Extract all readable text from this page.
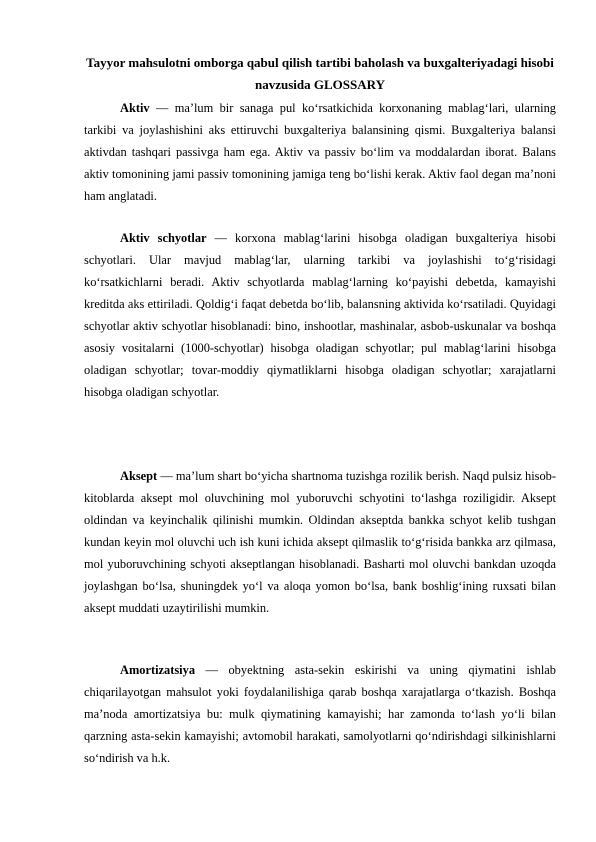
Tayyor mahsulotni omborga qabul qilish tartibi baholash va buxgalteriyadagi hisobi navzusida GLOSSARY

Aktiv — ma’lum bir sanaga pul ko‘rsatkichida korxonaning mablag‘lari, ularning tarkibi va joylashishini aks ettiruvchi buxgalteriya balansining qismi. Buxgalteriya balansi aktivdan tashqari passivga ham ega. Aktiv va passiv bo‘lim va moddalardan iborat. Balans aktiv tomonining jami passiv tomonining jamiga teng bo‘lishi kerak. Aktiv faol degan ma’noni ham anglatadi.

Aktiv schyotlar — korxona mablag‘larini hisobga oladigan buxgalteriya hisobi schyotlari. Ular mavjud mablag‘lar, ularning tarkibi va joylashishi to‘g‘risidagi ko‘rsatkichlarni beradi. Aktiv schyotlarda mablag‘larning ko‘payishi debetda, kamayishi kreditda aks ettiriladi. Qoldig‘i faqat debetda bo‘lib, balansning aktivida ko‘rsatiladi. Quyidagi schyotlar aktiv schyotlar hisoblanadi: bino, inshootlar, mashinalar, asbob-uskunalar va boshqa asosiy vositalarni (1000-schyotlar) hisobga oladigan schyotlar; pul mablag‘larini hisobga oladigan schyotlar; tovar-moddiy qiymatliklarni hisobga oladigan schyotlar; xarajatlarni hisobga oladigan schyotlar.

Aksept — ma’lum shart bo‘yicha shartnoma tuzishga rozilik berish. Naqd pulsiz hisob-kitoblarda aksept mol oluvchining mol yuboruvchi schyotini to‘lashga roziligidir. Aksept oldindan va keyinchalik qilinishi mumkin. Oldindan akseptda bankka schyot kelib tushgan kundan keyin mol oluvchi uch ish kuni ichida aksept qilmaslik to‘g‘risida bankka arz qilmasa, mol yuboruvchining schyoti akseptlangan hisoblanadi. Basharti mol oluvchi bankdan uzoqda joylashgan bo‘lsa, shuningdek yo‘l va aloqa yomon bo‘lsa, bank boshlig‘ining ruxsati bilan aksept muddati uzaytirilishi mumkin.

Amortizatsiya — obyektning asta-sekin eskirishi va uning qiymatini ishlab chiqarilayotgan mahsulot yoki foydalanilishiga qarab boshqa xarajatlarga o‘tkazish. Boshqa ma’noda amortizatsiya bu: mulk qiymatining kamayishi; har zamonda to‘lash yo‘li bilan qarzning asta-sekin kamayishi; avtomobil harakati, samolyotlarni qo‘ndirishdagi silkinishlarni so‘ndirish va h.k.
